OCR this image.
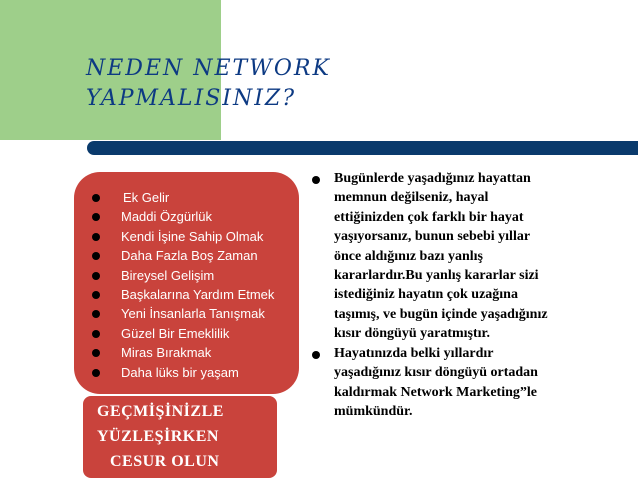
NEDEN NETWORK
YAPMALISINIZ?
Ek Gelir
Maddi Özgürlük
Kendi İşine Sahip Olmak
Daha Fazla Boş Zaman
Bireysel Gelişim
Başkalarına Yardım Etmek
Yeni İnsanlarla Tanışmak
Güzel Bir Emeklilik
Miras Bırakmak
Daha lüks bir yaşam

GEÇMİŞİNİZLE

YÜZLEŞİRKEN

CESUR OLUN

Bugünlerde yaşadığınız hayattan
memnun değilseniz, hayal
ettiğinizden çok farklı bir hayat
yaşıyorsanız, bunun sebebi yıllar
önce aldığınız bazı yanlış
kararlardır.Bu yanlış kararlar sizi
istediğiniz hayatın çok uzağına
taşımış, ve bugün içinde yaşadığınız
kısır döngüyü yaratmıştır.

Hayatınızda belki yıllardır
yaşadığınız kısır döngüyü ortadan
kaldırmak Network Marketing”le
mümkündür.
